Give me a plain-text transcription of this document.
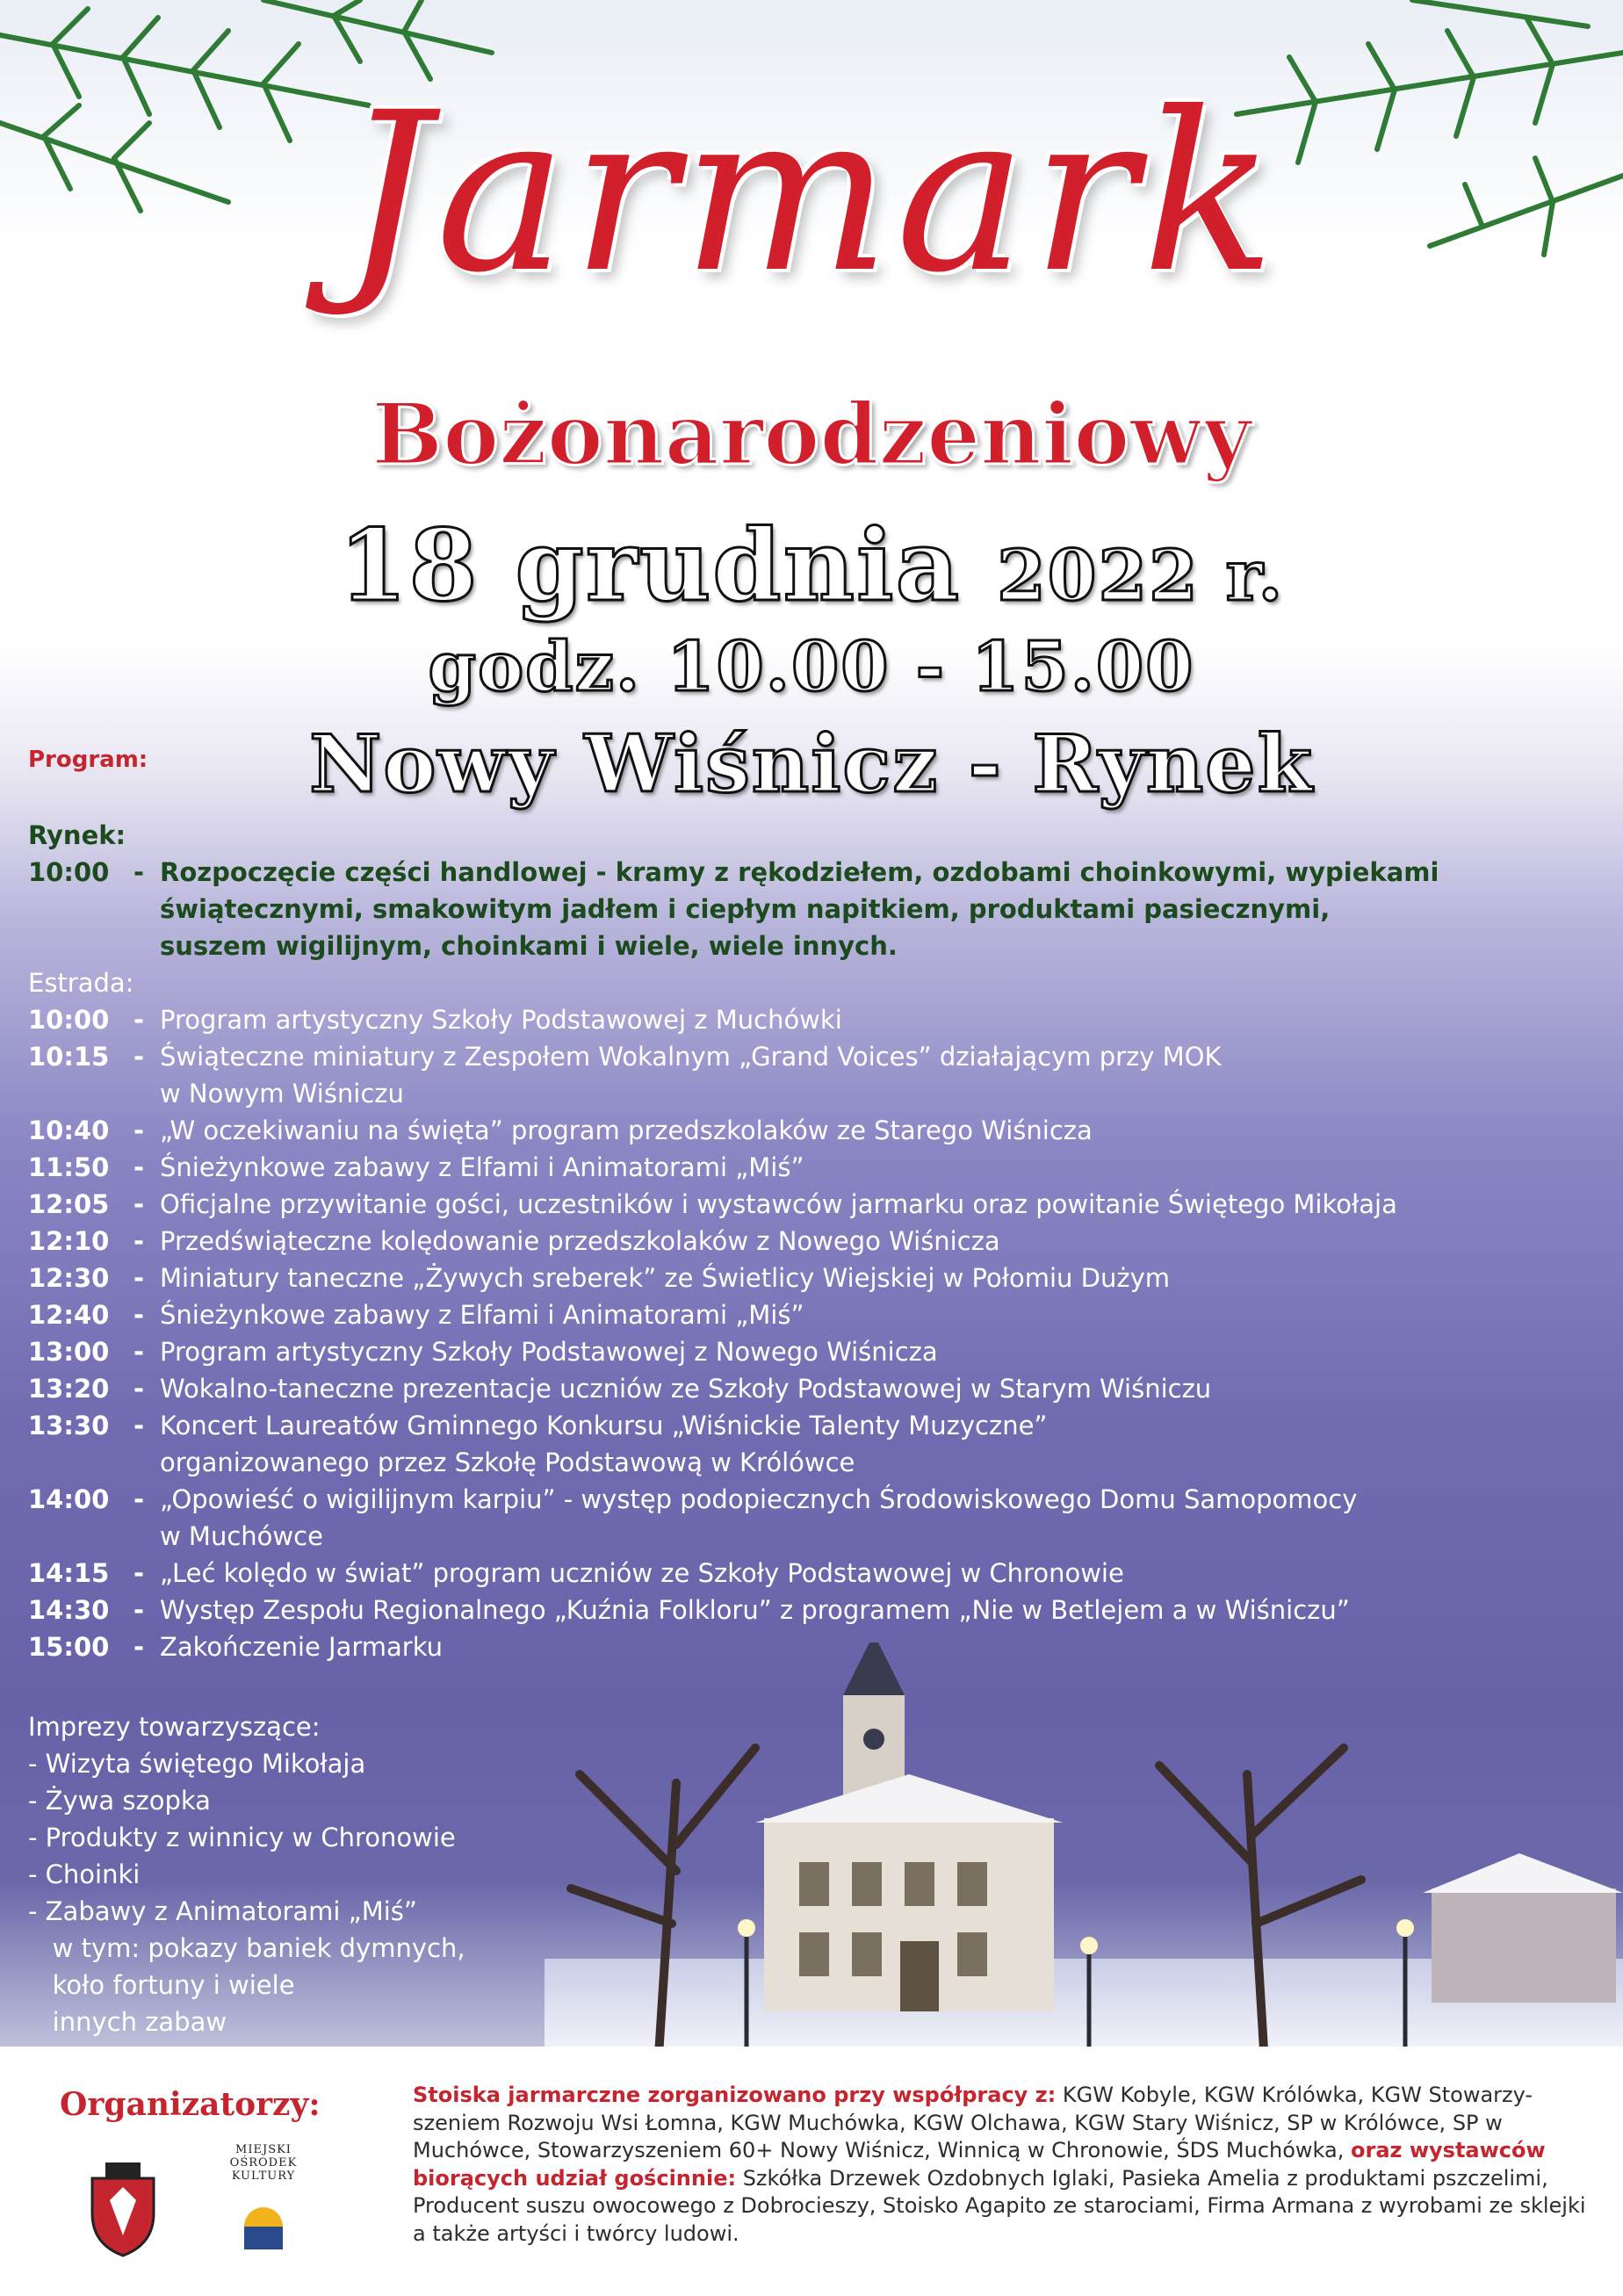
Jarmark
Bożonarodzeniowy
18 grudnia 2022 r.
godz. 10.00 - 15.00
Nowy Wiśnicz - Rynek
Program:
Rynek:
10:00 - Rozpoczęcie części handlowej - kramy z rękodziełem, ozdobami choinkowymi, wypiekami
świątecznymi, smakowitym jadłem i ciepłym napitkiem, produktami pasiecznymi,
suszem wigilijnym, choinkami i wiele, wiele innych.
Estrada:
10:00 - Program artystyczny Szkoły Podstawowej z Muchówki
10:15 - Świąteczne miniatury z Zespołem Wokalnym „Grand Voices” działającym przy MOK
w Nowym Wiśniczu
10:40 - „W oczekiwaniu na święta” program przedszkolaków ze Starego Wiśnicza
11:50 - Śnieżynkowe zabawy z Elfami i Animatorami „Miś”
12:05 - Oficjalne przywitanie gości, uczestników i wystawców jarmarku oraz powitanie Świętego Mikołaja
12:10 - Przedświąteczne kolędowanie przedszkolaków z Nowego Wiśnicza
12:30 - Miniatury taneczne „Żywych sreberek” ze Świetlicy Wiejskiej w Połomiu Dużym
12:40 - Śnieżynkowe zabawy z Elfami i Animatorami „Miś”
13:00 - Program artystyczny Szkoły Podstawowej z Nowego Wiśnicza
13:20 - Wokalno-taneczne prezentacje uczniów ze Szkoły Podstawowej w Starym Wiśniczu
13:30 - Koncert Laureatów Gminnego Konkursu „Wiśnickie Talenty Muzyczne”
organizowanego przez Szkołę Podstawową w Królówce
14:00 - „Opowieść o wigilijnym karpiu” - występ podopiecznych Środowiskowego Domu Samopomocy
w Muchówce
14:15 - „Leć kolędo w świat” program uczniów ze Szkoły Podstawowej w Chronowie
14:30 - Występ Zespołu Regionalnego „Kuźnia Folkloru” z programem „Nie w Betlejem a w Wiśniczu”
15:00 - Zakończenie Jarmarku
Imprezy towarzyszące:
- Wizyta świętego Mikołaja
- Żywa szopka
- Produkty z winnicy w Chronowie
- Choinki
- Zabawy z Animatorami „Miś”
w tym: pokazy baniek dymnych,
koło fortuny i wiele
innych zabaw
Organizatorzy:
MIEJSKI OŚRODEK KULTURY
Stoiska jarmarczne zorganizowano przy współpracy z: KGW Kobyle, KGW Królówka, KGW Stowarzy-szeniem Rozwoju Wsi Łomna, KGW Muchówka, KGW Olchawa, KGW Stary Wiśnicz, SP w Królówce, SP w Muchówce, Stowarzyszeniem 60+ Nowy Wiśnicz, Winnicą w Chronowie, ŚDS Muchówka, oraz wystawców biorących udział gościnnie: Szkółka Drzewek Ozdobnych Iglaki, Pasieka Amelia z produktami pszczelimi, Producent suszu owocowego z Dobrocieszy, Stoisko Agapito ze starociami, Firma Armana z wyrobami ze sklejki a także artyści i twórcy ludowi.
